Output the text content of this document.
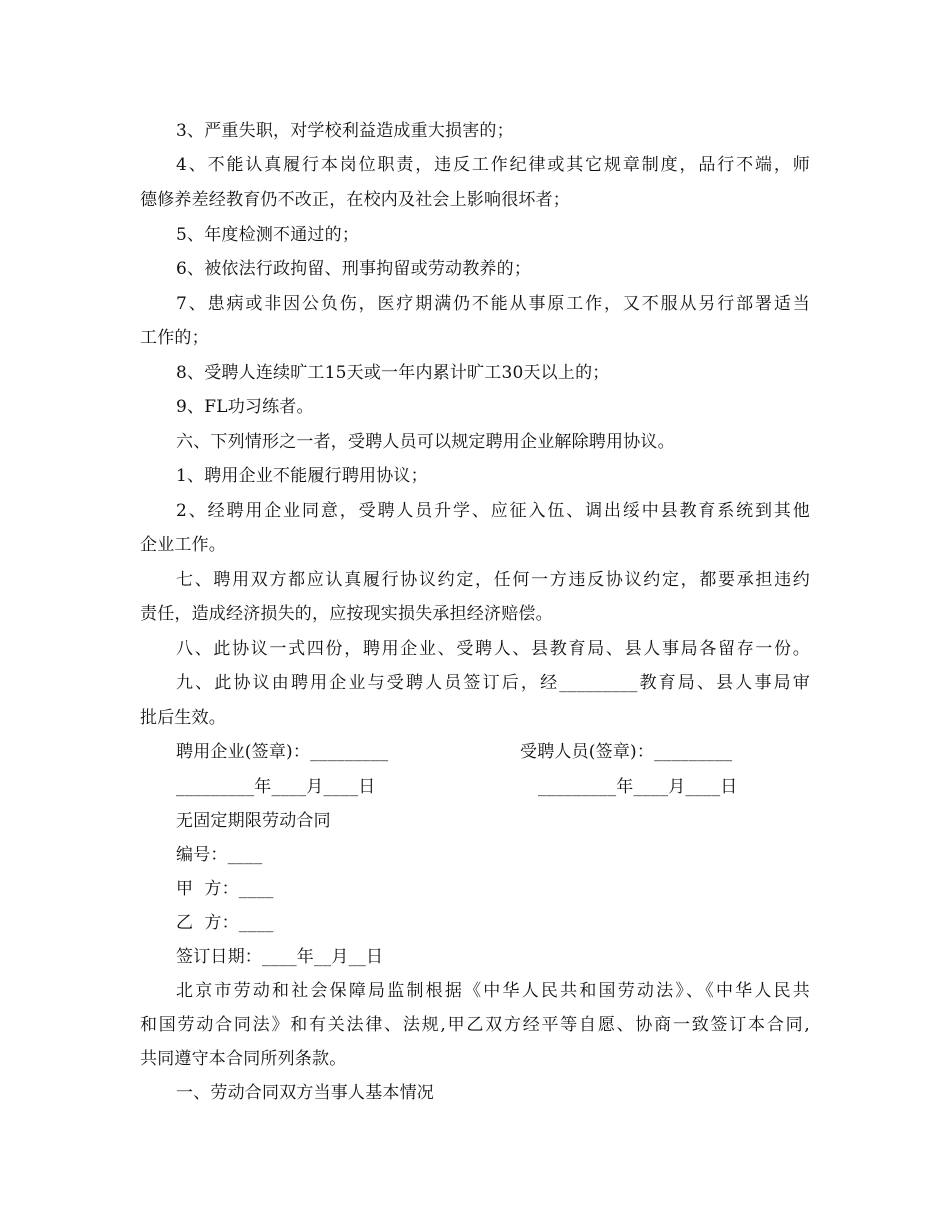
3、严重失职，对学校利益造成重大损害的；
4、不能认真履行本岗位职责，违反工作纪律或其它规章制度，品行不端，师
德修养差经教育仍不改正，在校内及社会上影响很坏者；
5、年度检测不通过的；
6、被依法行政拘留、刑事拘留或劳动教养的；
7、患病或非因公负伤，医疗期满仍不能从事原工作，又不服从另行部署适当
工作的；
8、受聘人连续旷工15天或一年内累计旷工30天以上的；
9、FL功习练者。
六、下列情形之一者，受聘人员可以规定聘用企业解除聘用协议。
1、聘用企业不能履行聘用协议；
2、经聘用企业同意，受聘人员升学、应征入伍、调出绥中县教育系统到其他
企业工作。
七、聘用双方都应认真履行协议约定，任何一方违反协议约定，都要承担违约
责任，造成经济损失的，应按现实损失承担经济赔偿。
八、此协议一式四份，聘用企业、受聘人、县教育局、县人事局各留存一份。
九、此协议由聘用企业与受聘人员签订后，经_________教育局、县人事局审
批后生效。
聘用企业(签章)：_________	受聘人员(签章)：_________
_________年____月____日	_________年____月____日
无固定期限劳动合同
编号：____
甲  方：____
乙  方：____
签订日期：____年__月__日
北京市劳动和社会保障局监制根据《中华人民共和国劳动法》、《中华人民共
和国劳动合同法》和有关法律、法规,甲乙双方经平等自愿、协商一致签订本合同,
共同遵守本合同所列条款。
一、劳动合同双方当事人基本情况
